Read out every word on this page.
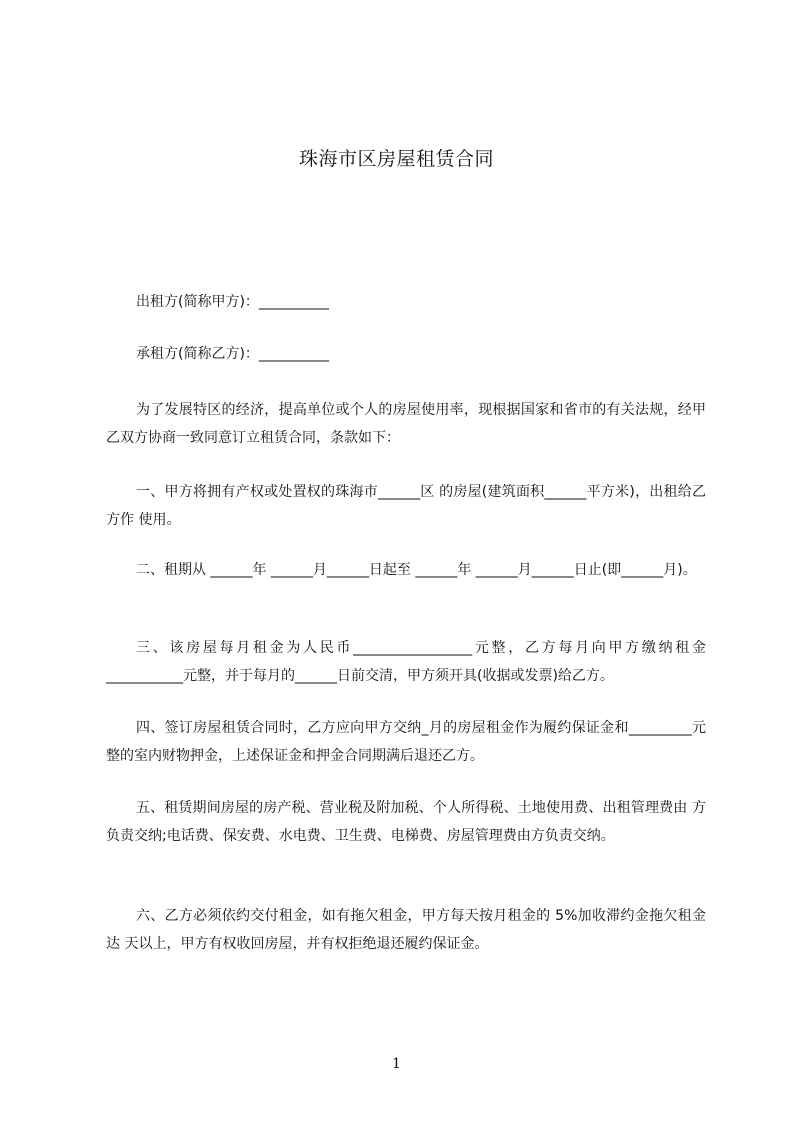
珠海市区房屋租赁合同
出租方(简称甲方)：__________
承租方(简称乙方)：__________
为了发展特区的经济，提高单位或个人的房屋使用率，现根据国家和省市的有关法规，经甲乙双方协商一致同意订立租赁合同，条款如下：
一、甲方将拥有产权或处置权的珠海市______区 的房屋(建筑面积______平方米)，出租给乙方作 使用。
二、租期从 ______年 ______月______日起至 ______年 ______月______日止(即______月)。
三、该房屋每月租金为人民币_________________元整，乙方每月向甲方缴纳租金___________元整，并于每月的______日前交清，甲方须开具(收据或发票)给乙方。
四、签订房屋租赁合同时，乙方应向甲方交纳_月的房屋租金作为履约保证金和_________元整的室内财物押金，上述保证金和押金合同期满后退还乙方。
五、租赁期间房屋的房产税、营业税及附加税、个人所得税、土地使用费、出租管理费由 方负责交纳;电话费、保安费、水电费、卫生费、电梯费、房屋管理费由方负责交纳。
六、乙方必须依约交付租金，如有拖欠租金，甲方每天按月租金的 5%加收滞约金拖欠租金达 天以上，甲方有权收回房屋，并有权拒绝退还履约保证金。
1
